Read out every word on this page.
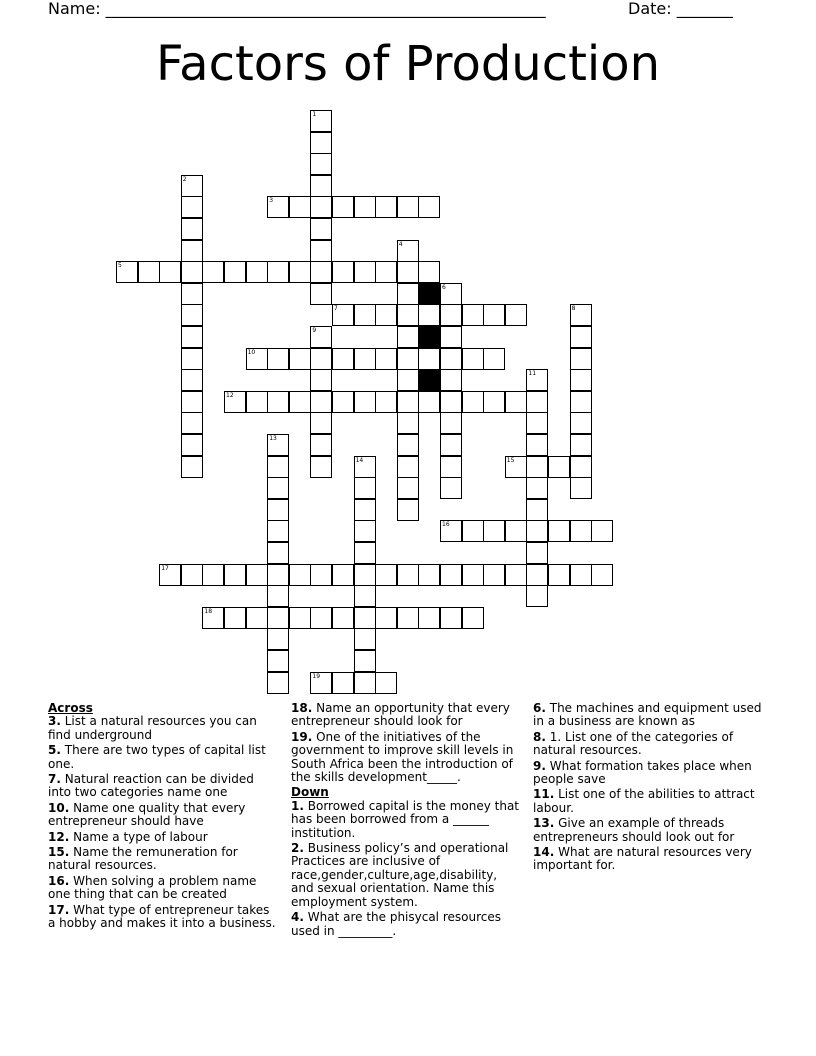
Name: _______________________________________________________	Date: _______
Factors of Production
1
2
3
4
5
6
7	8
9
10
11
12
13
14	15
16
17
18
19
Across
3. List a natural resources you can find underground
5. There are two types of capital list one.
7. Natural reaction can be divided into two categories name one
10. Name one quality that every entrepreneur should have
12. Name a type of labour
15. Name the remuneration for natural resources.
16. When solving a problem name one thing that can be created
17. What type of entrepreneur takes a hobby and makes it into a business.
18. Name an opportunity that every entrepreneur should look for
19. One of the initiatives of the government to improve skill levels in South Africa been the introduction of the skills development_____.
Down
1. Borrowed capital is the money that has been borrowed from a ______ institution.
2. Business policy’s and operational Practices are inclusive of race,gender,culture,age,disability, and sexual orientation. Name this employment system.
4. What are the phisycal resources used in _________.
6. The machines and equipment used in a business are known as
8. 1. List one of the categories of natural resources.
9. What formation takes place when people save
11. List one of the abilities to attract labour.
13. Give an example of threads entrepreneurs should look out for
14. What are natural resources very important for.
